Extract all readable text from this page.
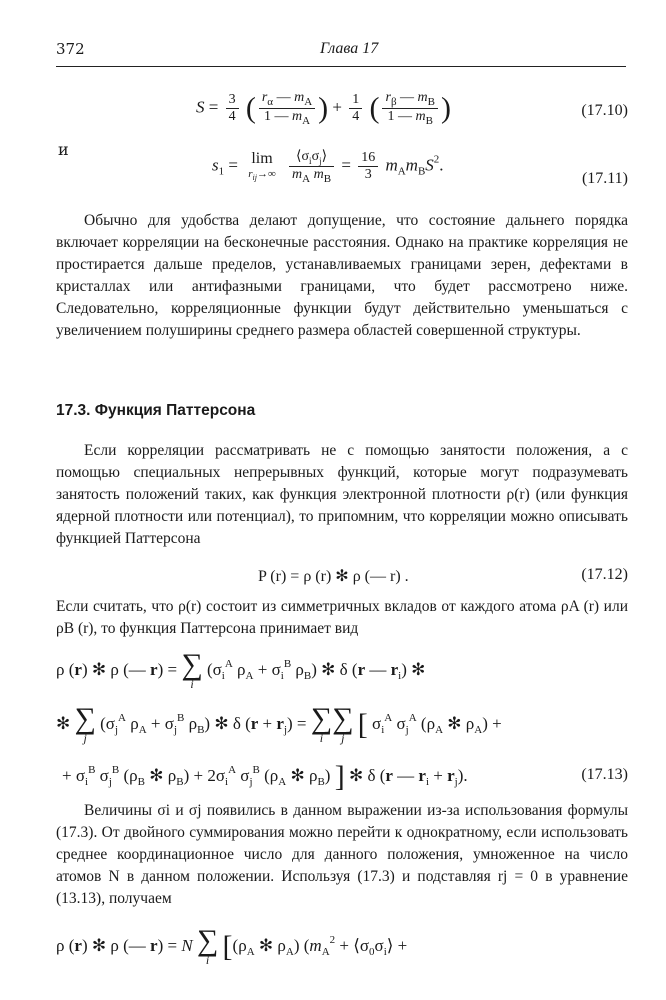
372	Глава 17
$S = \frac{3}{4}$ ( $\frac{r_\alpha — m_A}{1 — m_A}$ ) + $\frac{1}{4}$ ( $\frac{r_\beta — m_B}{1 — m_B}$ )	(17.10)
и
$s_1 = \lim$
$r_{ij}\to\infty$
$\frac{⟨\sigma_i\sigma_j⟩}{m_A m_B} = \frac{16}{3} m_Am_BS^2$.
(17.11)
Обычно для удобства делают допущение, что состояние дальнего порядка включает корреляции на бесконечные расстояния. Однако на практике корреляция не простирается дальше пределов, устанавливаемых границами зерен, дефектами в кристаллах или антифазными границами, что будет рассмотрено ниже. Следовательно, корреляционные функции будут действительно уменьшаться с увеличением полуширины среднего размера областей совершенной структуры.
17.3. Функция Паттерсона
Если корреляции рассматривать не с помощью занятости положения, а с помощью специальных непрерывных функций, которые могут подразумевать занятость положений таких, как функция электронной плотности ρ(r) (или функция ядерной плотности или потенциал), то припомним, что корреляции можно описывать функцией Паттерсона
P (r) = ρ (r) ✻ ρ (— r) .	(17.12)
Если считать, что ρ(r) состоит из симметричных вкладов от каждого атома ρA (r) или ρB (r), то функция Паттерсона принимает вид
ρ (r) ✻ ρ (— r) = ∑
i
($\sigma_i^A$ $\rho_A + \sigma_i^B$ $\rho_B$) ✻ δ (r — $r_i$) ✻
✻ ∑
j
($\sigma_j^A$ $\rho_A + \sigma_j^B$ $\rho_B$) ✻ δ $(r + r_j)$ = ∑
i
∑
j [ $\sigma_i^A$ $\sigma_j^A$ ($\rho_A$ ✻ $\rho_A$) +
+ $\sigma_i^B$ $\sigma_j^B$ ($\rho_B$ ✻ $\rho_B) + 2\sigma_i^A$ $\sigma_j^B$ ($\rho_A$ ✻ $\rho_B$) ] ✻ δ (r — $r_i + r_j$).	(17.13)
Величины σi и σj появились в данном выражении из-за использования формулы (17.3). От двойного суммирования можно перейти к однократному, если использовать среднее координационное число для данного положения, умноженное на число атомов N в данном положении. Используя (17.3) и подставляя rj = 0 в уравнение (13.13), получаем
ρ (r) ✻ ρ (— r) = N ∑
i [($\rho_A$ ✻ $\rho_A$) ($m_A^2$ + $⟨\sigma_0\sigma_i⟩$ +
